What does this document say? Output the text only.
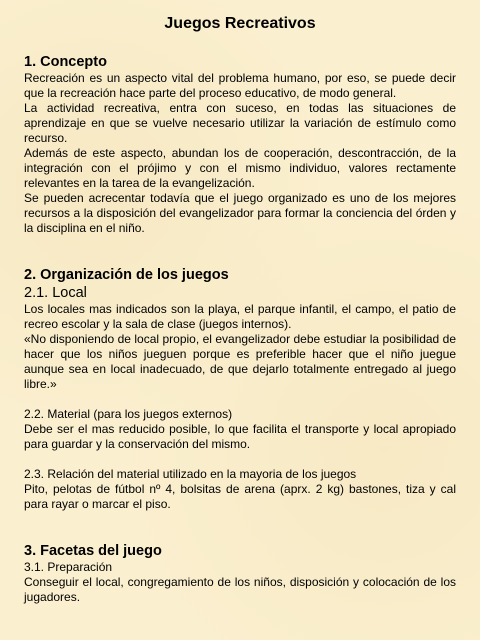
Juegos Recreativos
1. Concepto

Recreación es un aspecto vital del problema humano, por eso, se puede decir que la recreación hace parte del proceso educativo, de modo general.

La actividad recreativa, entra con suceso, en todas las situaciones de aprendizaje en que se vuelve necesario utilizar la variación de estímulo como recurso.

Además de este aspecto, abundan los de cooperación, descontracción, de la integración con el prójimo y con el mismo individuo, valores rectamente relevantes en la tarea de la evangelización.

Se pueden acrecentar todavía que el juego organizado es uno de los mejores recursos a la disposición del evangelizador para formar la conciencia del órden y la disciplina en el niño.

2. Organización de los juegos
2.1. Local

Los locales mas indicados son la playa, el parque infantil, el campo, el patio de recreo escolar y la sala de clase (juegos internos).

«No disponiendo de local propio, el evangelizador debe estudiar la posibilidad de hacer que los niños jueguen porque es preferible hacer que el niño juegue aunque sea en local inadecuado, de que dejarlo totalmente entregado al juego libre.»

2.2. Material (para los juegos externos)

Debe ser el mas reducido posible, lo que facilita el transporte y local apropiado para guardar y la conservación del mismo.

2.3. Relación del material utilizado en la mayoria de los juegos

Pito, pelotas de fútbol nº 4, bolsitas de arena (aprx. 2 kg) bastones, tiza y cal para rayar o marcar el piso.

3. Facetas del juego
3.1. Preparación

Conseguir el local, congregamiento de los niños, disposición y colocación de los jugadores.
